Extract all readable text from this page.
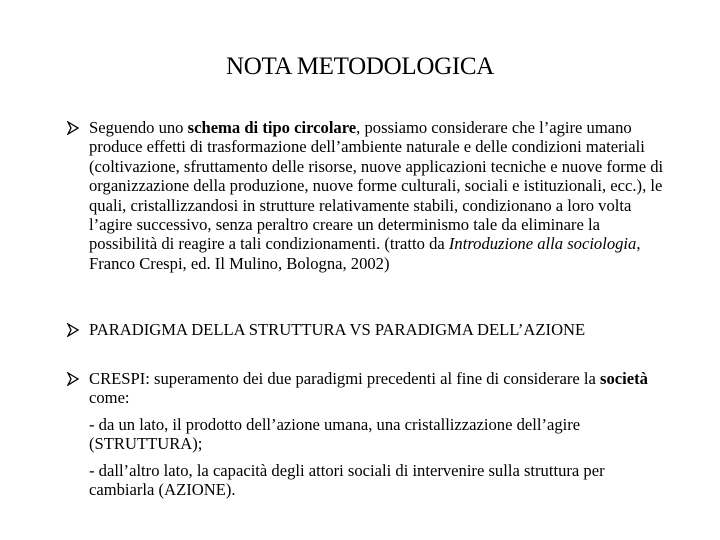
NOTA METODOLOGICA
Seguendo uno schema di tipo circolare, possiamo considerare che l’agire umano produce effetti di trasformazione dell’ambiente naturale e delle condizioni materiali (coltivazione, sfruttamento delle risorse, nuove applicazioni tecniche e nuove forme di organizzazione della produzione, nuove forme culturali, sociali e istituzionali, ecc.), le quali, cristallizzandosi in strutture relativamente stabili, condizionano a loro volta l’agire successivo, senza peraltro creare un determinismo tale da eliminare la possibilità di reagire a tali condizionamenti. (tratto da Introduzione alla sociologia, Franco Crespi, ed. Il Mulino, Bologna, 2002)
PARADIGMA DELLA STRUTTURA VS PARADIGMA DELL’AZIONE
CRESPI: superamento dei due paradigmi precedenti al fine di considerare la società come:
- da un lato, il prodotto dell’azione umana, una cristallizzazione dell’agire (STRUTTURA);
- dall’altro lato, la capacità degli attori sociali di intervenire sulla struttura per cambiarla (AZIONE).
